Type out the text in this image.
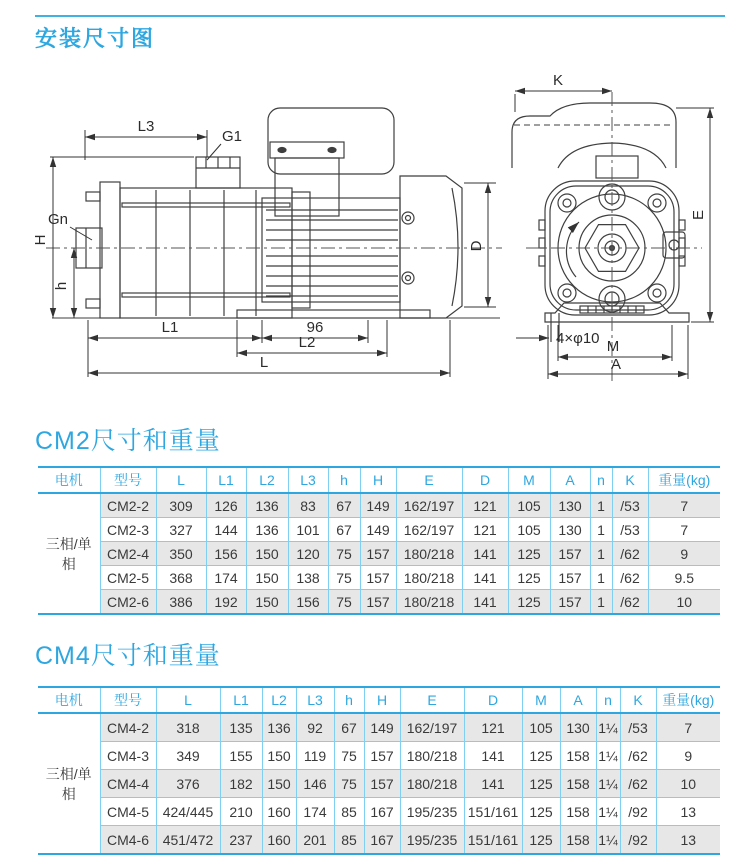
安装尺寸图
L3
G1
H
Gn
h
L1	96
L2
L
D
K
E
4×φ10 M
A
CM2尺寸和重量
电机	型号	L	L1	L2	L3	h	H	E	D	M	A	n	K	重量(kg)
三相/单相	CM2-2	309	126	136	83	67	149	162/197	121	105	130	1	/53	7
	CM2-3	327	144	136	101	67	149	162/197	121	105	130	1	/53	7
	CM2-4	350	156	150	120	75	157	180/218	141	125	157	1	/62	9
	CM2-5	368	174	150	138	75	157	180/218	141	125	157	1	/62	9.5
	CM2-6	386	192	150	156	75	157	180/218	141	125	157	1	/62	10
CM4尺寸和重量
电机	型号	L	L1	L2	L3	h	H	E	D	M	A	n	K	重量(kg)
三相/单相	CM4-2	318	135	136	92	67	149	162/197	121	105	130	1¼	/53	7
	CM4-3	349	155	150	119	75	157	180/218	141	125	158	1¼	/62	9
	CM4-4	376	182	150	146	75	157	180/218	141	125	158	1¼	/62	10
	CM4-5	424/445	210	160	174	85	167	195/235	151/161	125	158	1¼	/92	13
	CM4-6	451/472	237	160	201	85	167	195/235	151/161	125	158	1¼	/92	13
